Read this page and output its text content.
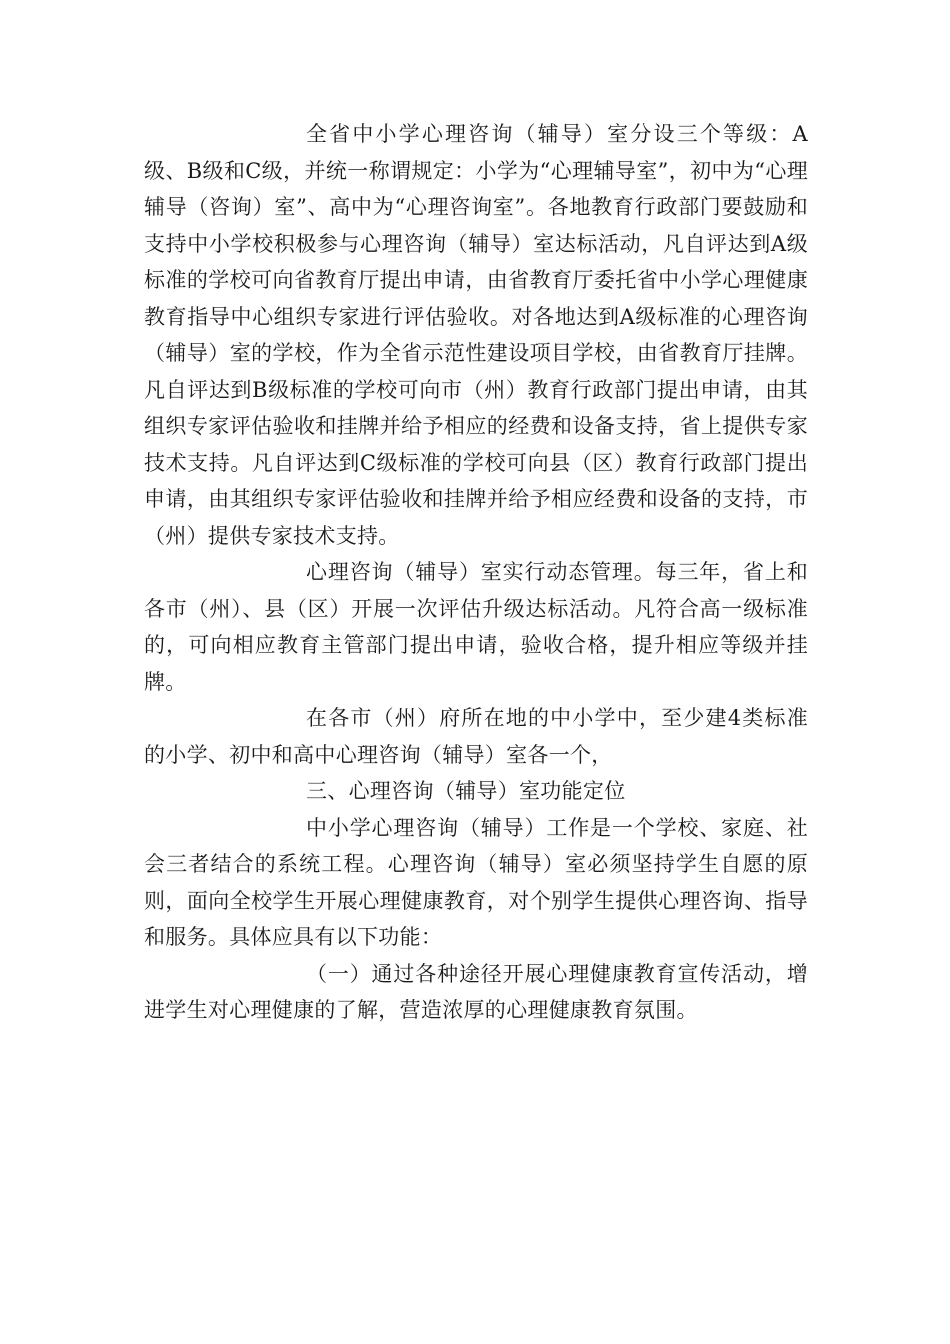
全省中小学心理咨询（辅导）室分设三个等级：A级、B级和C级，并统一称谓规定：小学为“心理辅导室”，初中为“心理辅导（咨询）室”、高中为“心理咨询室”。各地教育行政部门要鼓励和支持中小学校积极参与心理咨询（辅导）室达标活动，凡自评达到A级标准的学校可向省教育厅提出申请，由省教育厅委托省中小学心理健康教育指导中心组织专家进行评估验收。对各地达到A级标准的心理咨询（辅导）室的学校，作为全省示范性建设项目学校，由省教育厅挂牌。凡自评达到B级标准的学校可向市（州）教育行政部门提出申请，由其组织专家评估验收和挂牌并给予相应的经费和设备支持，省上提供专家技术支持。凡自评达到C级标准的学校可向县（区）教育行政部门提出申请，由其组织专家评估验收和挂牌并给予相应经费和设备的支持，市（州）提供专家技术支持。

心理咨询（辅导）室实行动态管理。每三年，省上和各市（州）、县（区）开展一次评估升级达标活动。凡符合高一级标准的，可向相应教育主管部门提出申请，验收合格，提升相应等级并挂牌。

在各市（州）府所在地的中小学中，至少建4类标准的小学、初中和高中心理咨询（辅导）室各一个，

三、心理咨询（辅导）室功能定位

中小学心理咨询（辅导）工作是一个学校、家庭、社会三者结合的系统工程。心理咨询（辅导）室必须坚持学生自愿的原则，面向全校学生开展心理健康教育，对个别学生提供心理咨询、指导和服务。具体应具有以下功能：

（一）通过各种途径开展心理健康教育宣传活动，增进学生对心理健康的了解，营造浓厚的心理健康教育氛围。
